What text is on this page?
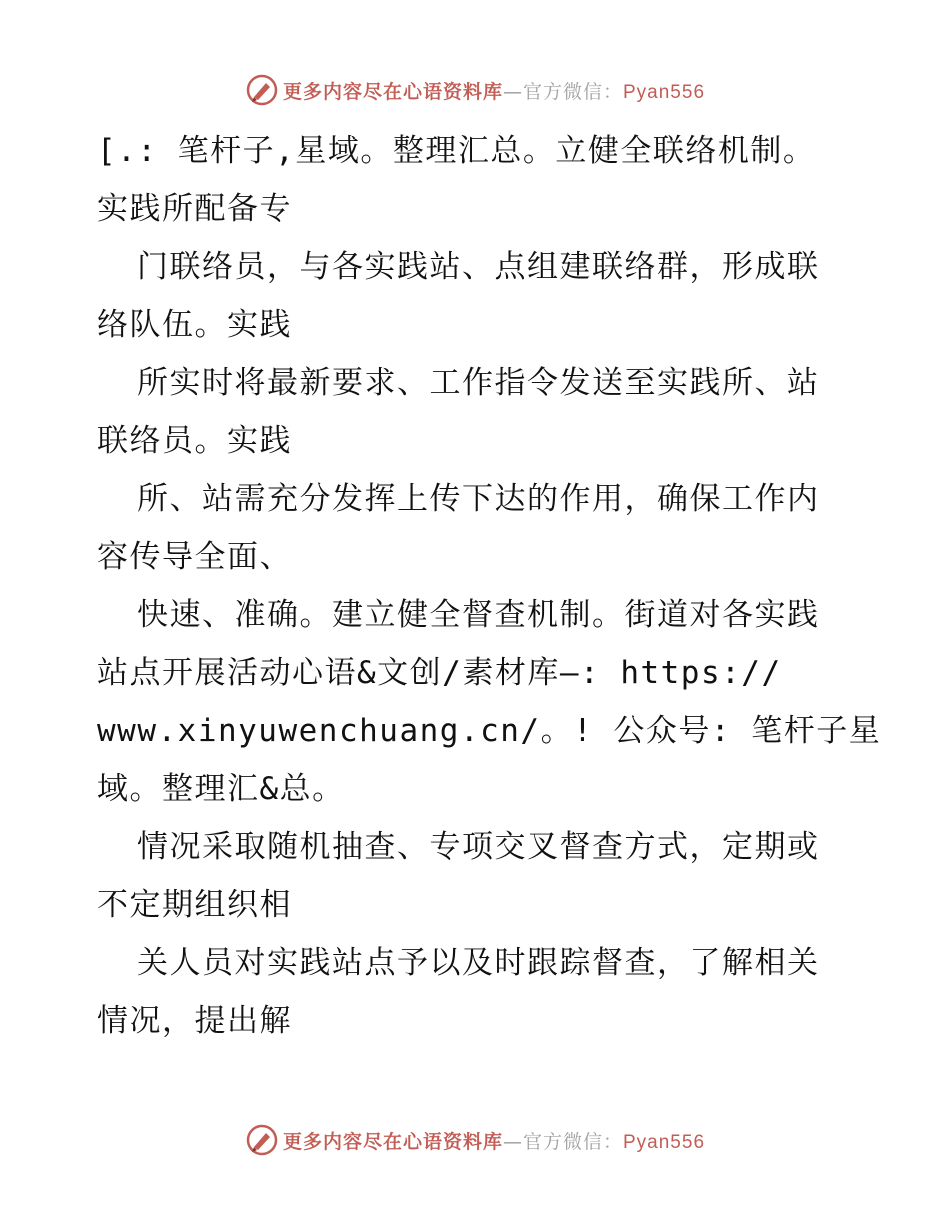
更多内容尽在心语资料库—官方微信：Pyan556
[.: 笔杆子,星域。整理汇总。立健全联络机制。
实践所配备专
门联络员，与各实践站、点组建联络群，形成联
络队伍。实践
所实时将最新要求、工作指令发送至实践所、站
联络员。实践
所、站需充分发挥上传下达的作用，确保工作内
容传导全面、
快速、准确。建立健全督查机制。街道对各实践
站点开展活动心语&文创/素材库—: https://
www.xinyuwenchuang.cn/。! 公众号: 笔杆子星
域。整理汇&总。
情况采取随机抽查、专项交叉督查方式，定期或
不定期组织相
关人员对实践站点予以及时跟踪督查，了解相关
情况，提出解
更多内容尽在心语资料库—官方微信：Pyan556
